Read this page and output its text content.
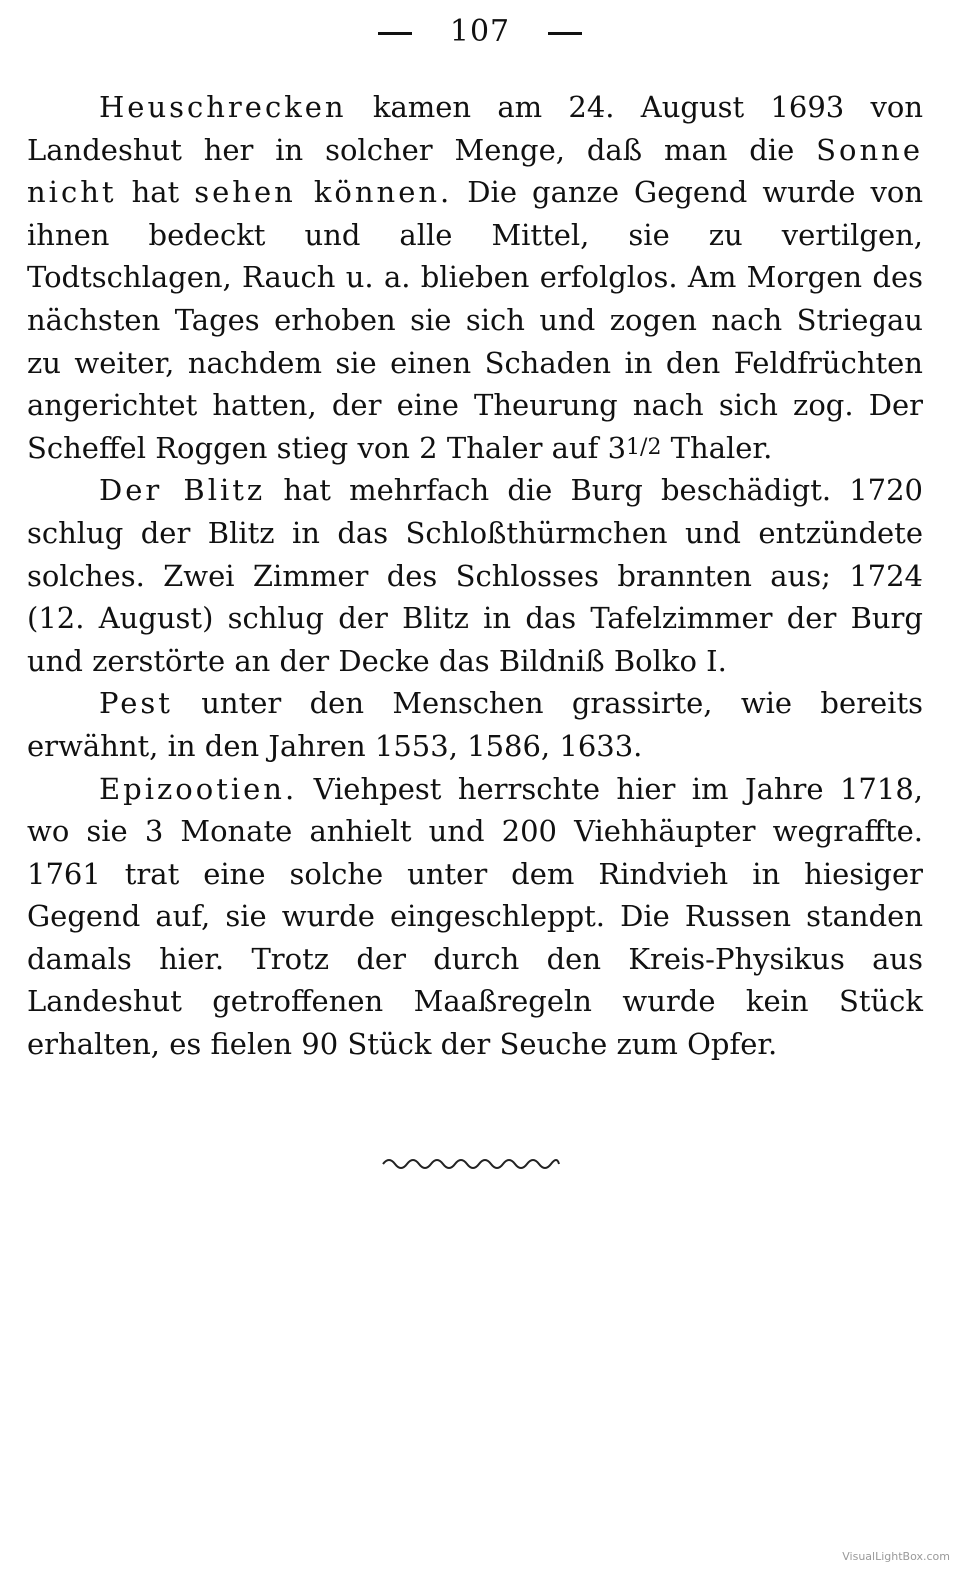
107

Heuschrecken kamen am 24. August 1693 von Landeshut her in solcher Menge, daß man die Sonne nicht hat sehen können. Die ganze Gegend wurde von ihnen bedeckt und alle Mittel, sie zu vertilgen, Todtschlagen, Rauch u. a. blieben erfolglos. Am Morgen des nächsten Tages erhoben sie sich und zogen nach Striegau zu weiter, nachdem sie einen Schaden in den Feldfrüchten angerichtet hatten, der eine Theurung nach sich zog. Der Scheffel Roggen stieg von 2 Thaler auf 31/2 Thaler.

Der Blitz hat mehrfach die Burg beschädigt. 1720 schlug der Blitz in das Schloßthürmchen und entzündete solches. Zwei Zimmer des Schlosses brannten aus; 1724 (12. August) schlug der Blitz in das Tafelzimmer der Burg und zerstörte an der Decke das Bildniß Bolko I.

Pest unter den Menschen grassirte, wie bereits erwähnt, in den Jahren 1553, 1586, 1633.

Epizootien. Viehpest herrschte hier im Jahre 1718, wo sie 3 Monate anhielt und 200 Viehhäupter wegraffte. 1761 trat eine solche unter dem Rindvieh in hiesiger Gegend auf, sie wurde eingeschleppt. Die Russen standen damals hier. Trotz der durch den Kreis-Physikus aus Landeshut getroffenen Maaßregeln wurde kein Stück erhalten, es fielen 90 Stück der Seuche zum Opfer.

VisualLightBox.com
